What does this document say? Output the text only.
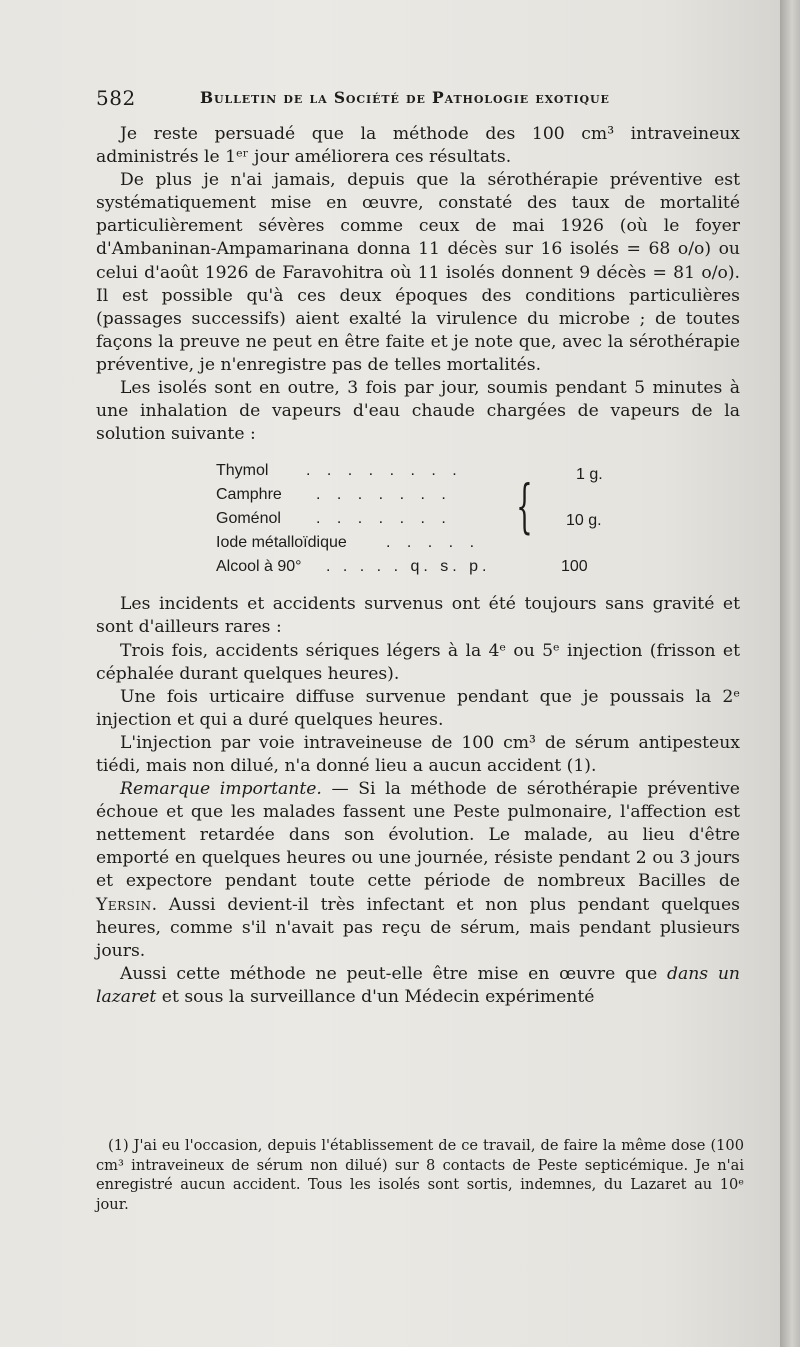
582	Bulletin de la Société de Pathologie exotique

Je reste persuadé que la méthode des 100 cm³ intraveineux administrés le 1ᵉʳ jour améliorera ces résultats.

De plus je n'ai jamais, depuis que la sérothérapie préventive est systématiquement mise en œuvre, constaté des taux de mortalité particulièrement sévères comme ceux de mai 1926 (où le foyer d'Ambaninan-Ampamarinana donna 11 décès sur 16 isolés = 68 o/o) ou celui d'août 1926 de Faravohitra où 11 isolés donnent 9 décès = 81 o/o). Il est possible qu'à ces deux époques des conditions particulières (passages successifs) aient exalté la virulence du microbe ; de toutes façons la preuve ne peut en être faite et je note que, avec la sérothérapie préventive, je n'enregistre pas de telles mortalités.

Les isolés sont en outre, 3 fois par jour, soumis pendant 5 minutes à une inhalation de vapeurs d'eau chaude chargées de vapeurs de la solution suivante :

Thymol . . . . . . . .
Camphre . . . . . . .
Goménol . . . . . . .
Iode métalloïdique . . . . .
Alcool à 90° . . . . . q. s. p.
{	1 g.
10 g.
100

Les incidents et accidents survenus ont été toujours sans gravité et sont d'ailleurs rares :

Trois fois, accidents sériques légers à la 4ᵉ ou 5ᵉ injection (frisson et céphalée durant quelques heures).

Une fois urticaire diffuse survenue pendant que je poussais la 2ᵉ injection et qui a duré quelques heures.

L'injection par voie intraveineuse de 100 cm³ de sérum antipesteux tiédi, mais non dilué, n'a donné lieu a aucun accident (1).

Remarque importante. — Si la méthode de sérothérapie préventive échoue et que les malades fassent une Peste pulmonaire, l'affection est nettement retardée dans son évolution. Le malade, au lieu d'être emporté en quelques heures ou une journée, résiste pendant 2 ou 3 jours et expectore pendant toute cette période de nombreux Bacilles de Yersin. Aussi devient-il très infectant et non plus pendant quelques heures, comme s'il n'avait pas reçu de sérum, mais pendant plusieurs jours.

Aussi cette méthode ne peut-elle être mise en œuvre que dans un lazaret et sous la surveillance d'un Médecin expérimenté

(1) J'ai eu l'occasion, depuis l'établissement de ce travail, de faire la même dose (100 cm³ intraveineux de sérum non dilué) sur 8 contacts de Peste septicémique. Je n'ai enregistré aucun accident. Tous les isolés sont sortis, indemnes, du Lazaret au 10ᵉ jour.
